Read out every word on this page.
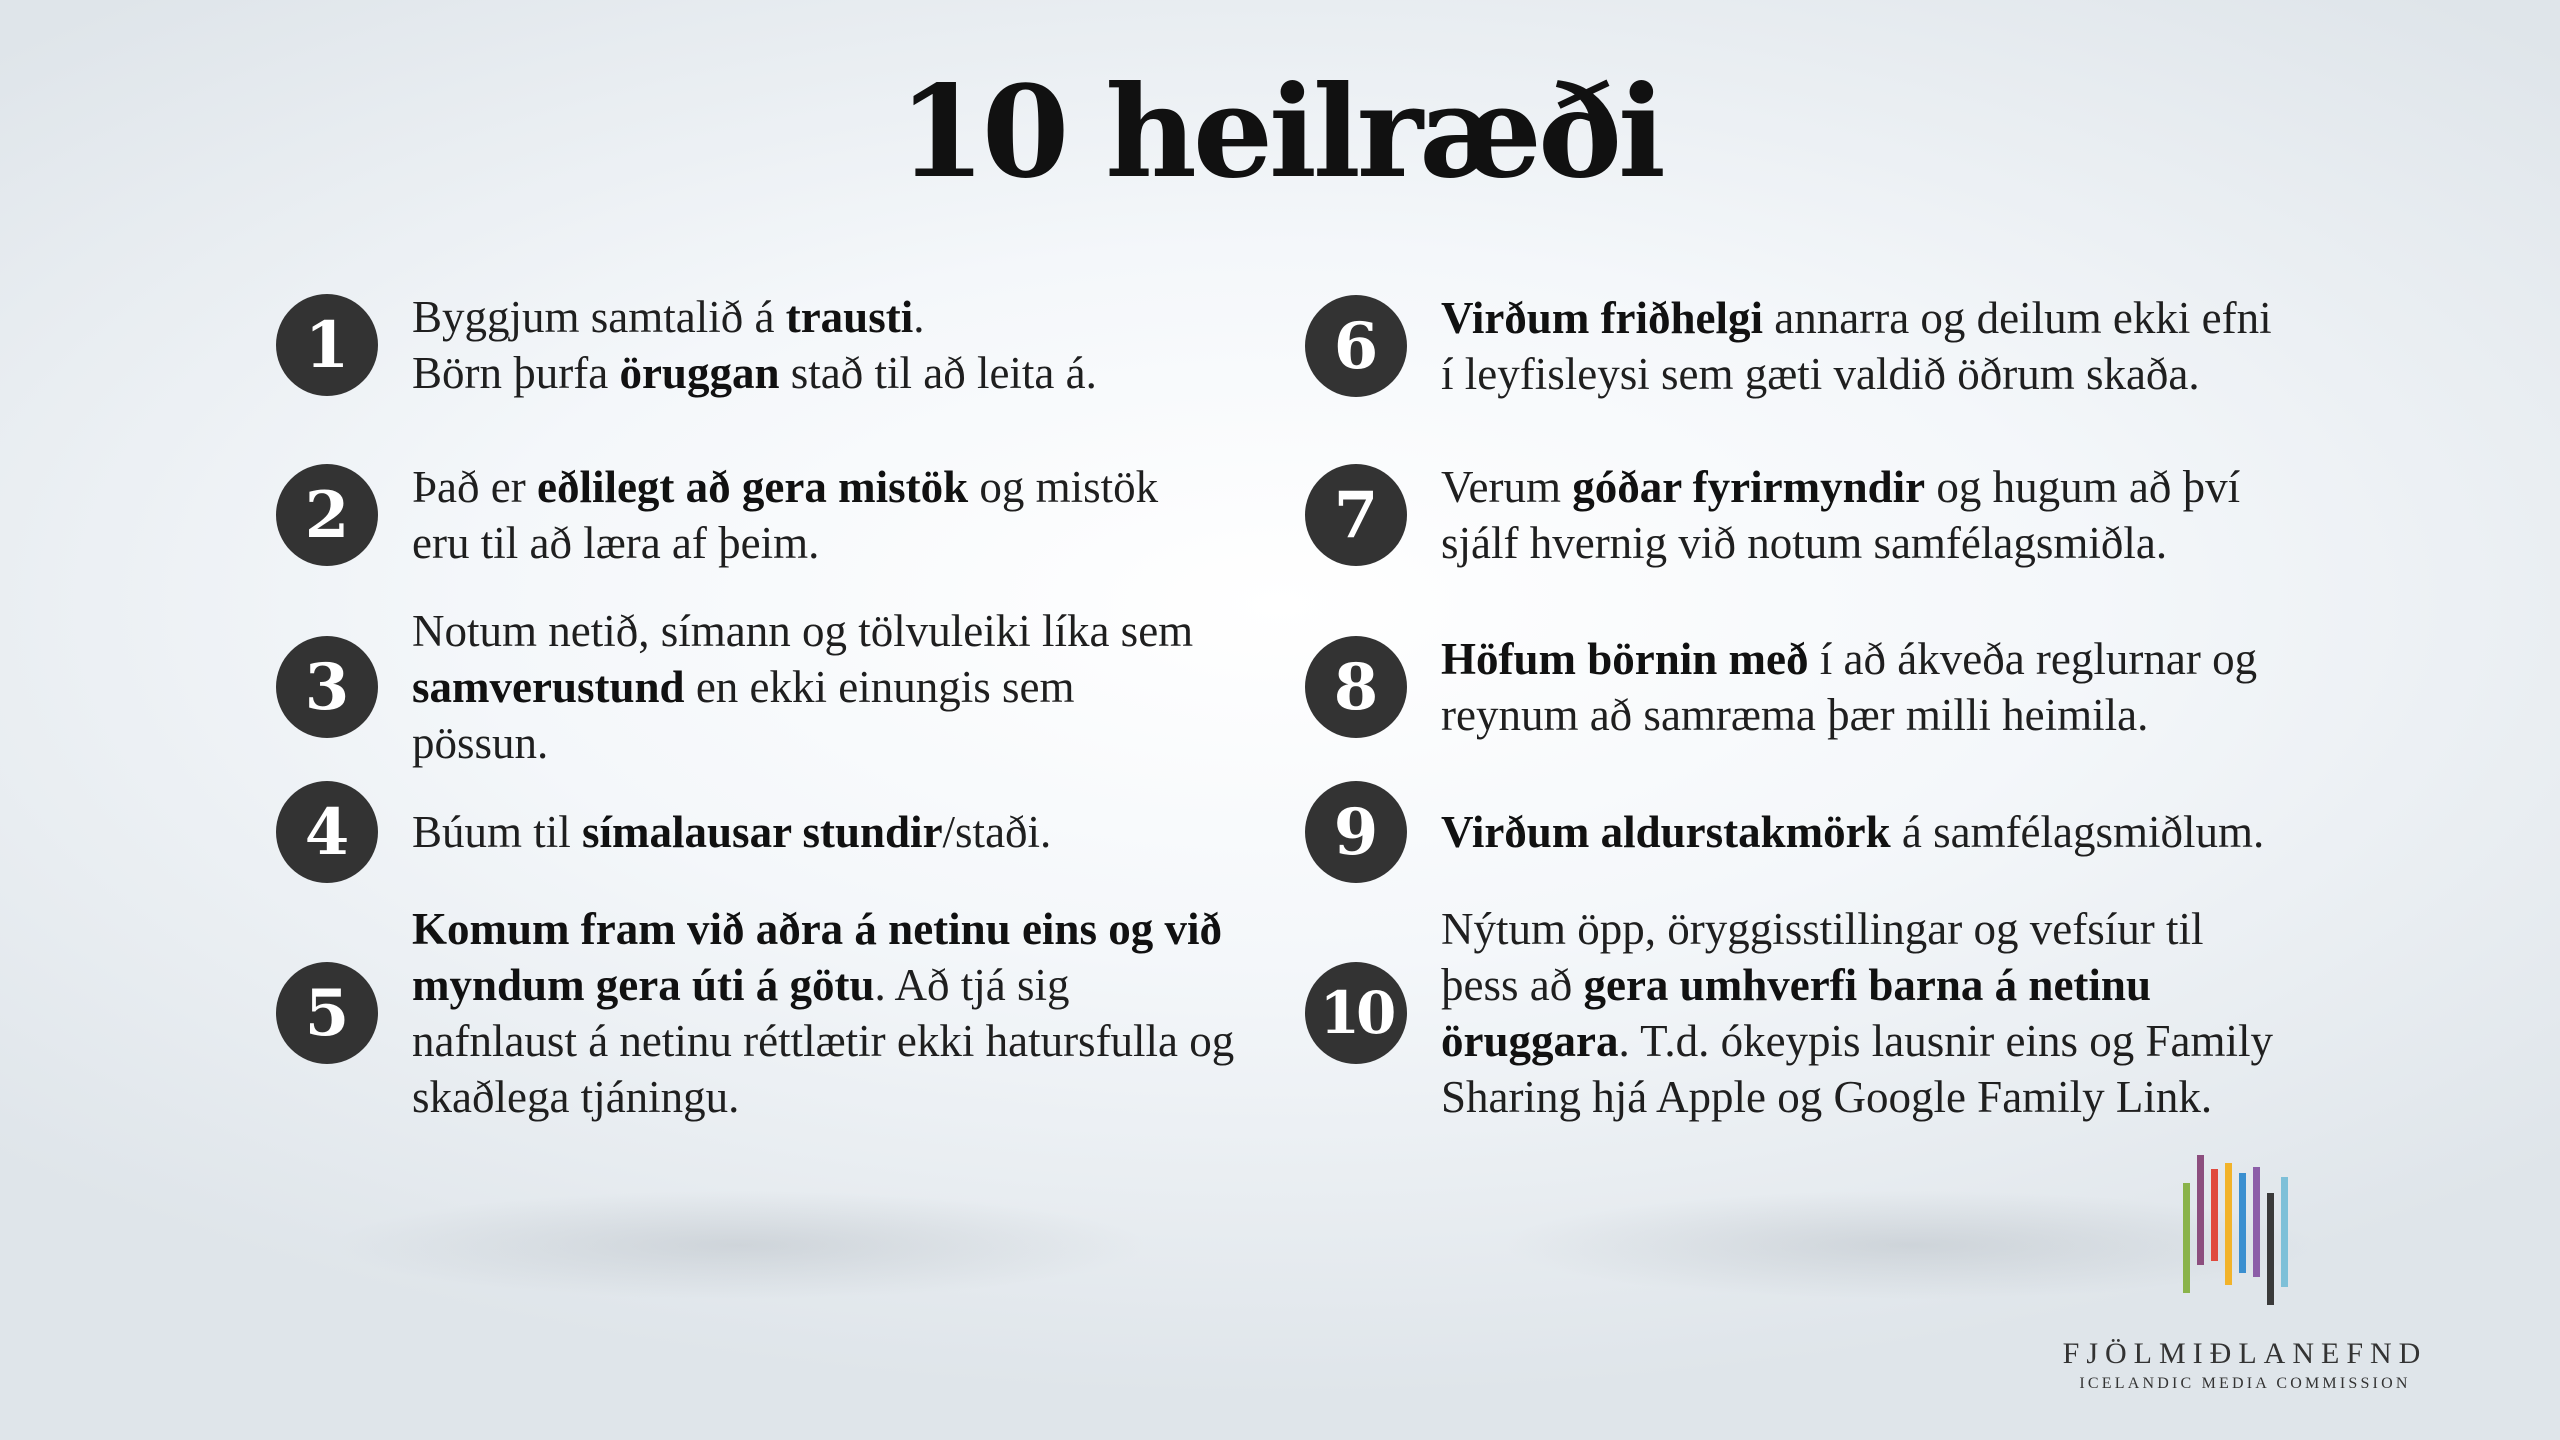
10 heilræði
1	Byggjum samtalið á trausti.
Börn þurfa öruggan stað til að leita á.
2	Það er eðlilegt að gera mistök og mistök eru til að læra af þeim.
3
Notum netið, símann og tölvuleiki líka sem samverustund en ekki einungis sem pössun.
4	Búum til símalausar stundir/staði.
5
Komum fram við aðra á netinu eins og við myndum gera úti á götu. Að tjá sig nafnlaust á netinu réttlætir ekki hatursfulla og skaðlega tjáningu.
6	Virðum friðhelgi annarra og deilum ekki efni í leyfisleysi sem gæti valdið öðrum skaða.
7	Verum góðar fyrirmyndir og hugum að því sjálf hvernig við notum samfélagsmiðla.
8	Höfum börnin með í að ákveða reglurnar og reynum að samræma þær milli heimila.
9	Virðum aldurstakmörk á samfélagsmiðlum.
10
Nýtum öpp, öryggisstillingar og vefsíur til þess að gera umhverfi barna á netinu öruggara. T.d. ókeypis lausnir eins og Family Sharing hjá Apple og Google Family Link.
FJÖLMIÐLANEFND
ICELANDIC MEDIA COMMISSION
